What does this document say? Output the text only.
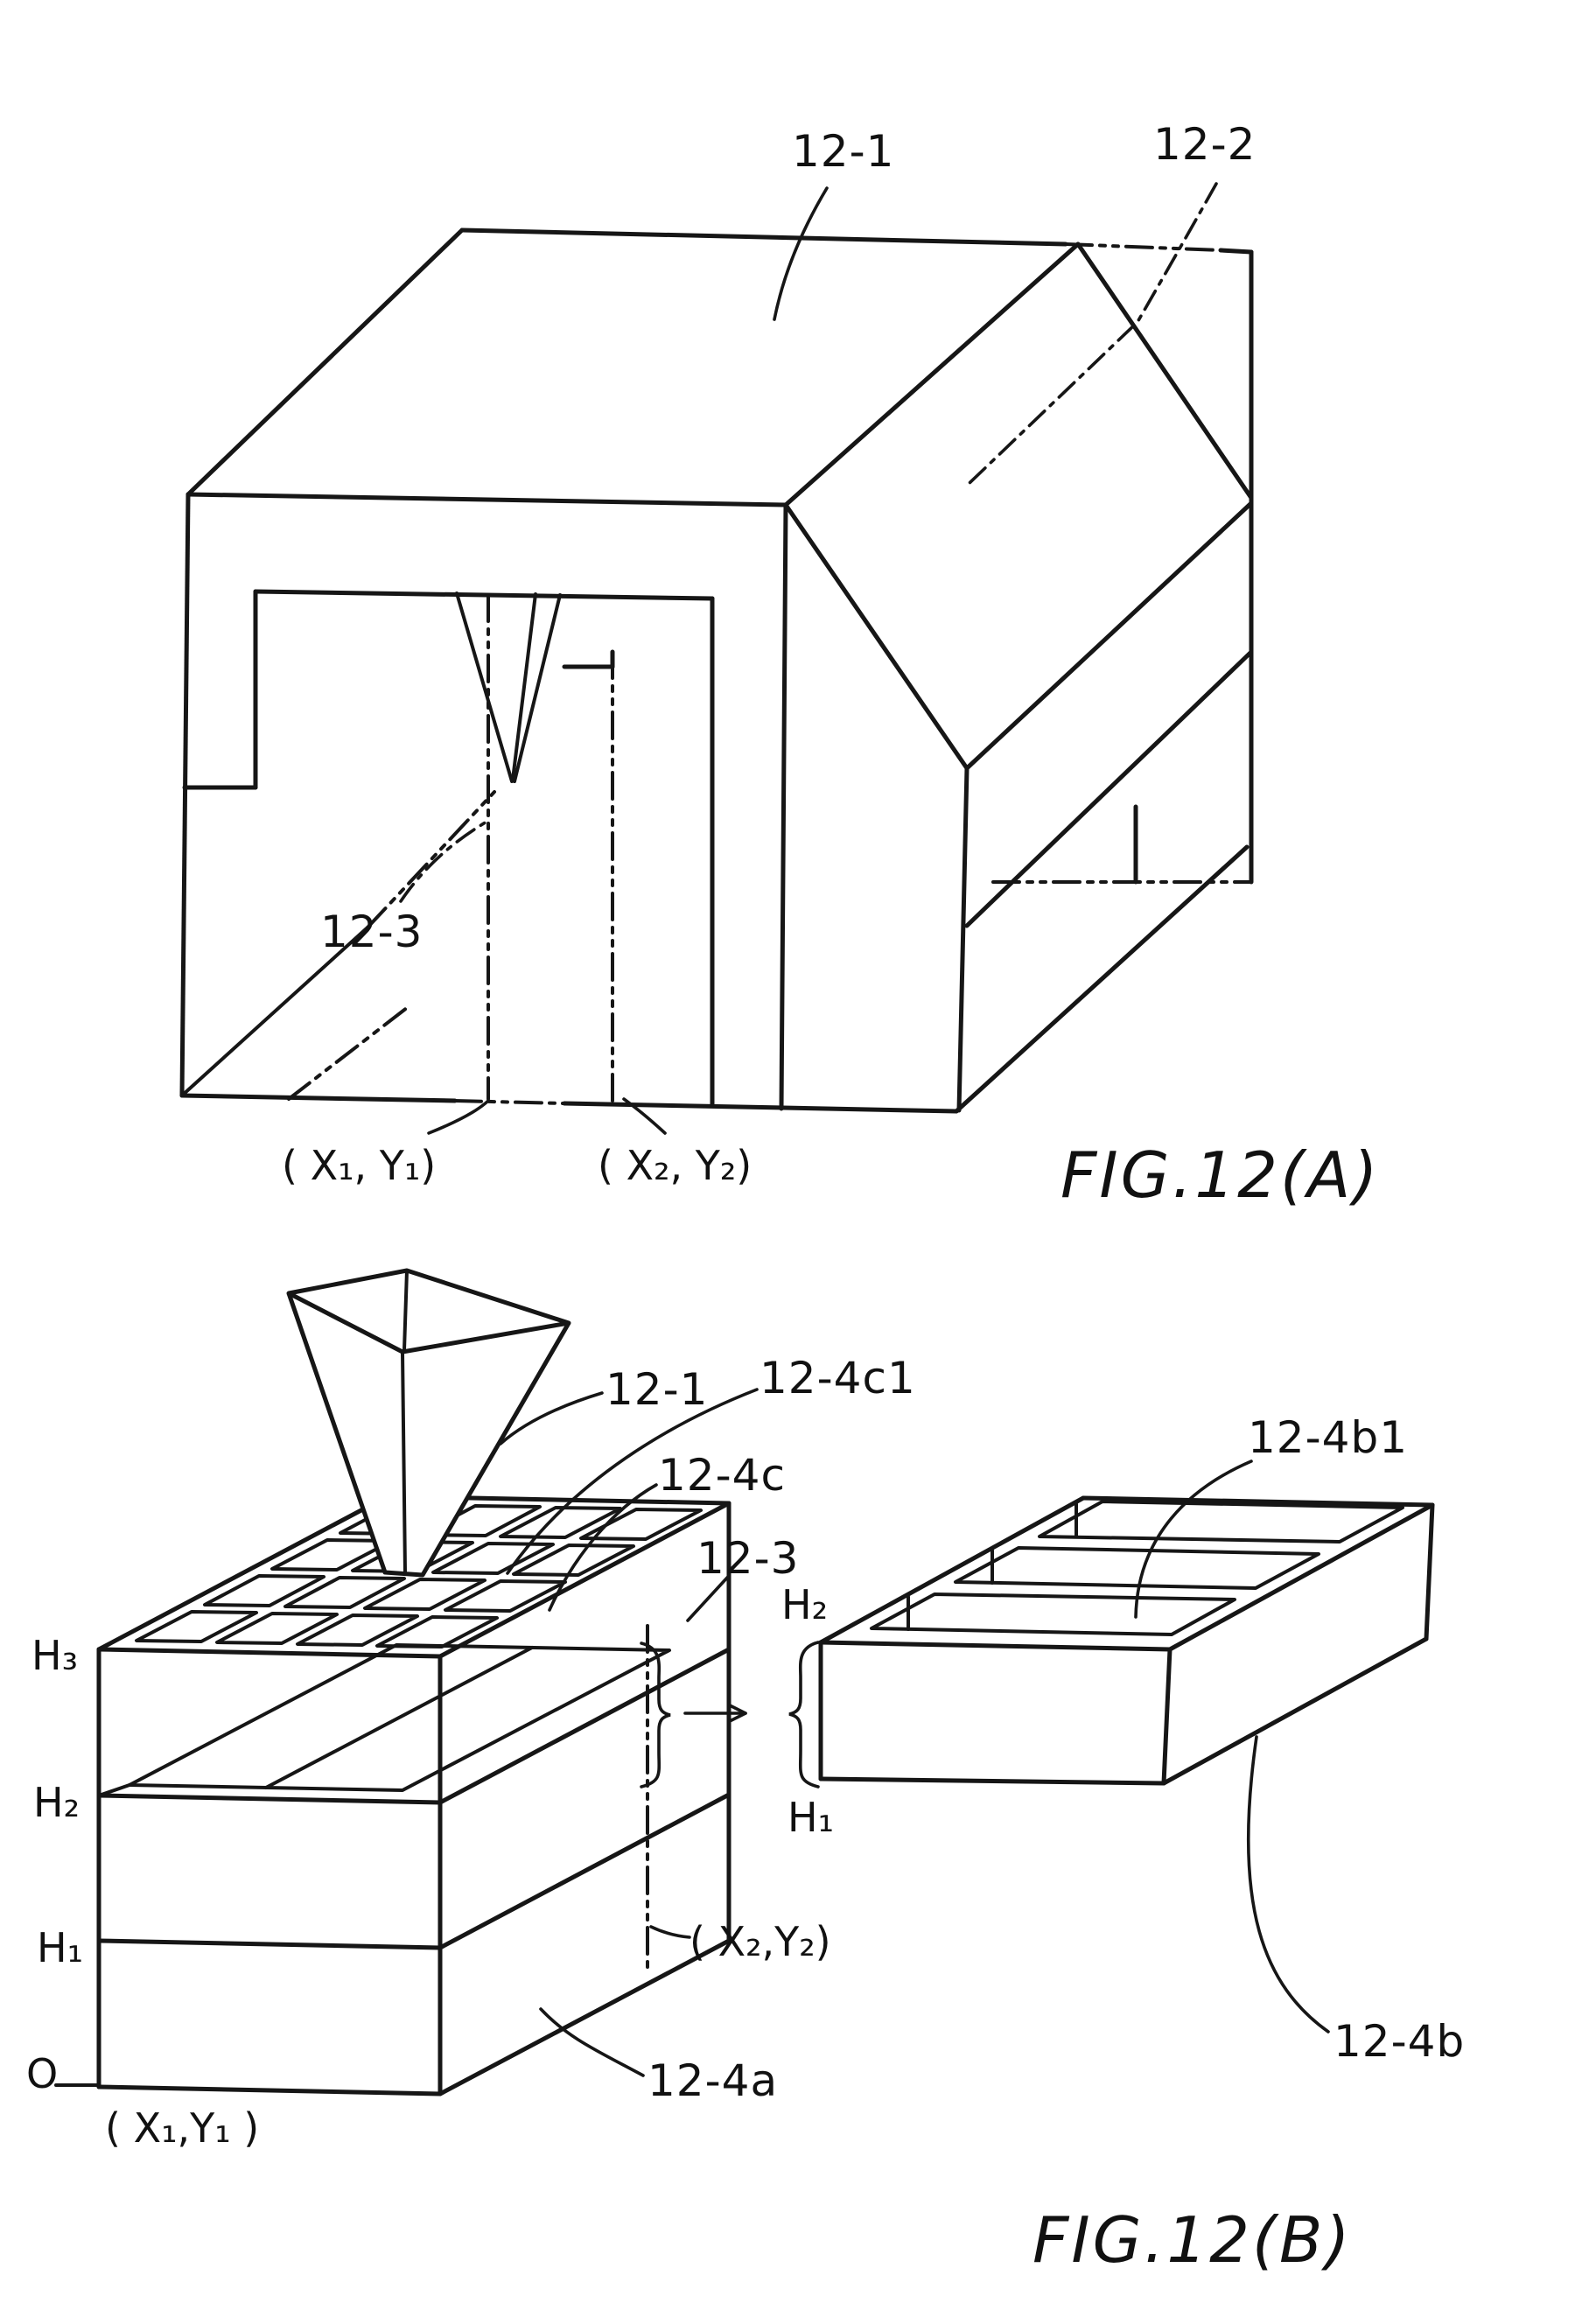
12-1	12-2
12-3
( X₁, Y₁)	( X₂, Y₂)	FIG.12(A)
H₃
H₂
H₁
O
( X₁,Y₁ )
( X₂,Y₂)
12-1 12-4c1
12-4c
12-3
H₂
H₁
12-4b1
12-4b
12-4a
FIG.12(B)
